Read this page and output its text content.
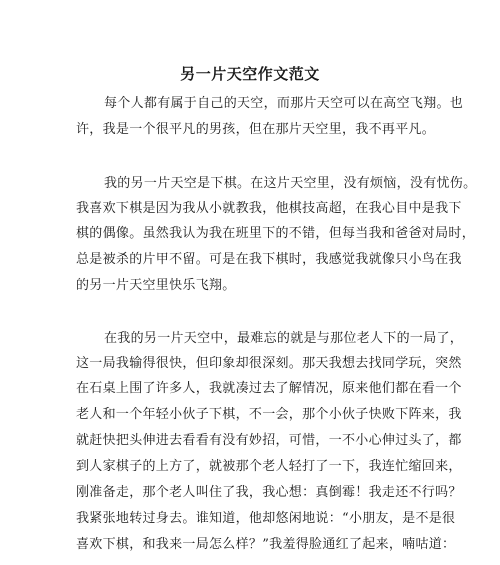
另一片天空作文范文
每个人都有属于自己的天空，而那片天空可以在高空飞翔。也
许，我是一个很平凡的男孩，但在那片天空里，我不再平凡。
我的另一片天空是下棋。在这片天空里，没有烦恼，没有忧伤。
我喜欢下棋是因为我从小就教我，他棋技高超，在我心目中是我下
棋的偶像。虽然我认为我在班里下的不错，但每当我和爸爸对局时，
总是被杀的片甲不留。可是在我下棋时，我感觉我就像只小鸟在我
的另一片天空里快乐飞翔。
在我的另一片天空中，最难忘的就是与那位老人下的一局了，
这一局我输得很快，但印象却很深刻。那天我想去找同学玩，突然
在石桌上围了许多人，我就凑过去了解情况，原来他们都在看一个
老人和一个年轻小伙子下棋，不一会，那个小伙子快败下阵来，我
就赶快把头伸进去看看有没有妙招，可惜，一不小心伸过头了，都
到人家棋子的上方了，就被那个老人轻打了一下，我连忙缩回来，
刚准备走，那个老人叫住了我，我心想：真倒霉！我走还不行吗？
我紧张地转过身去。谁知道，他却悠闲地说：“小朋友，是不是很
喜欢下棋，和我来一局怎么样？”我羞得脸通红了起来，喃咕道：
